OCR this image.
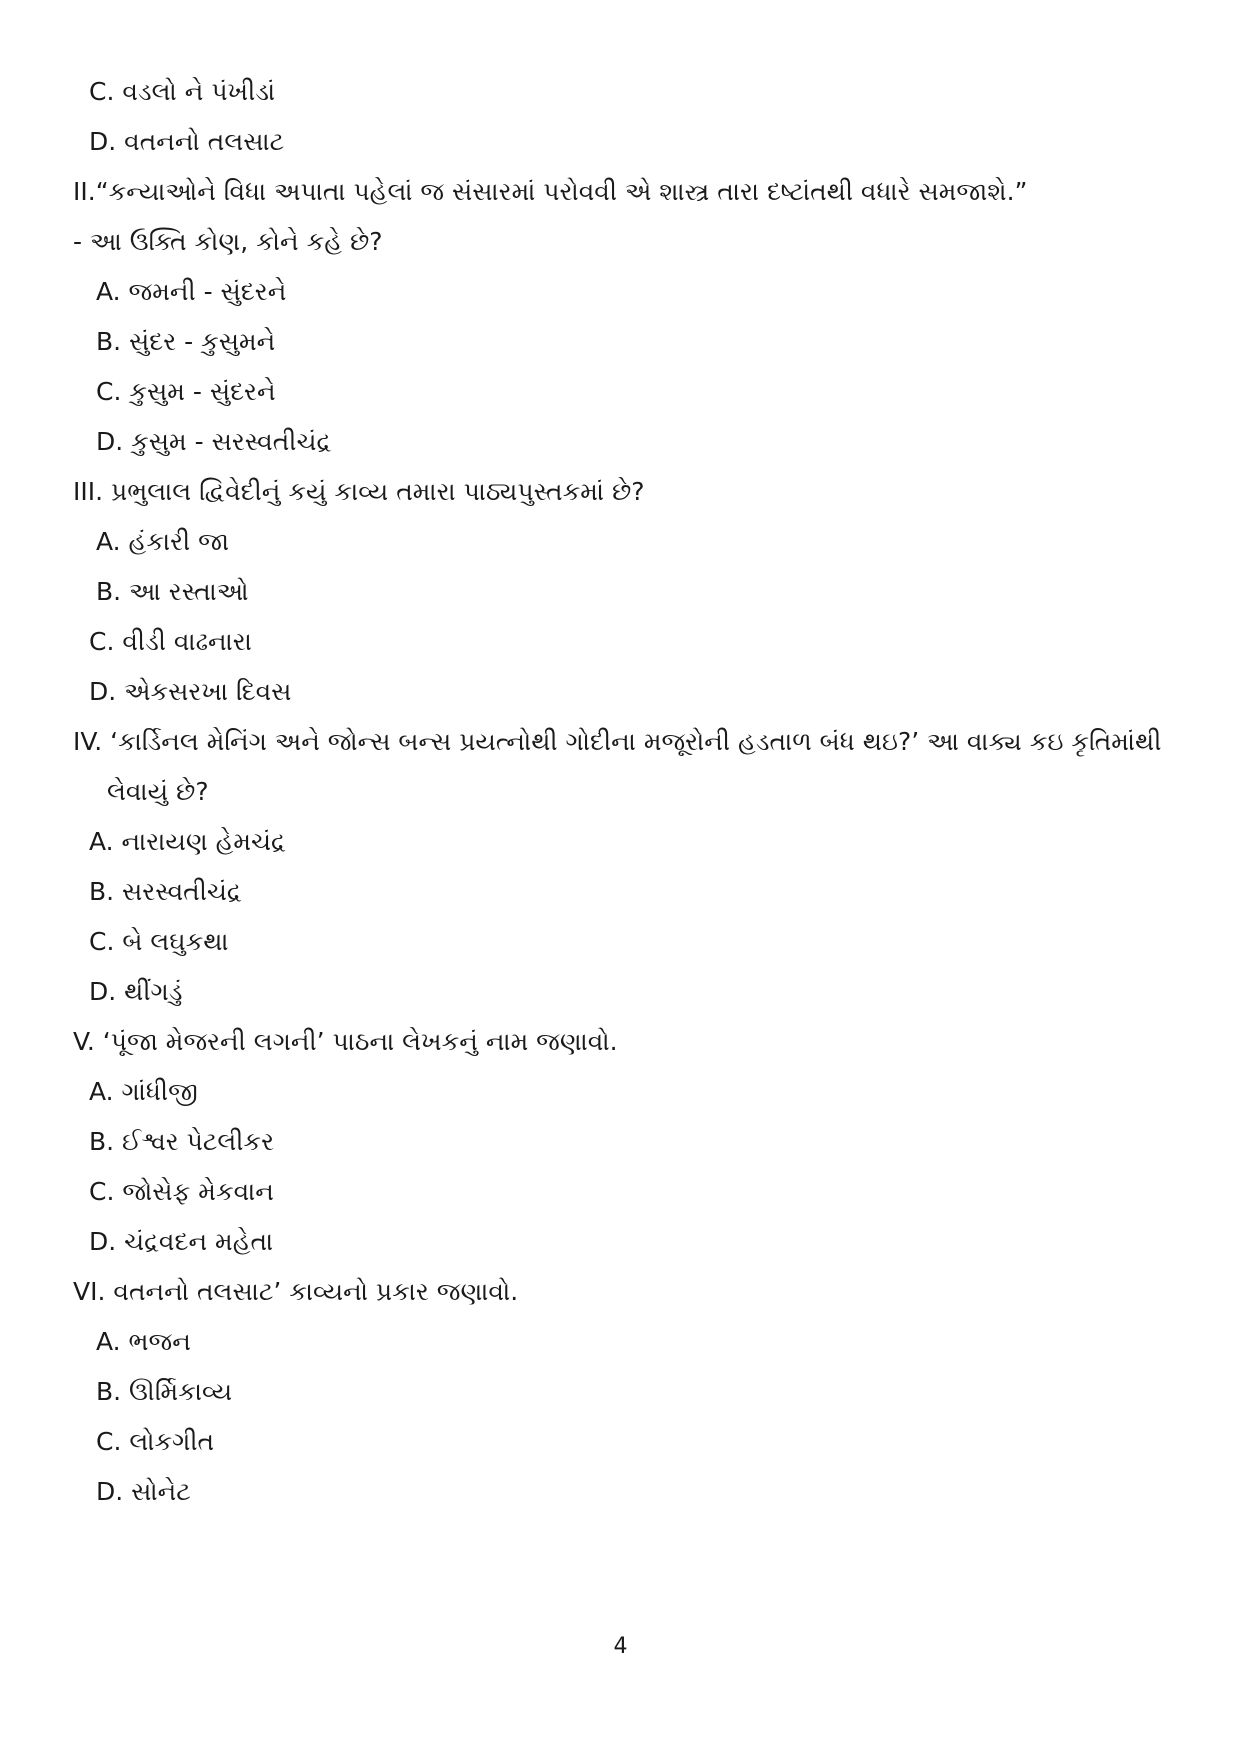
C. વડલો ને પંખીડાં
D. વતનનો તલસાટ
II.“કન્યાઓને વિધા અપાતા પહેલાં જ સંસારમાં પરોવવી એ શાસ્ત્ર તારા દષ્ટાંતથી વધારે સમજાશે.”
- આ ઉક્તિ કોણ, કોને કહે છે?
A. જમની - સુંદરને
B. સુંદર - કુસુમને
C. કુસુમ - સુંદરને
D. કુસુમ - સરસ્વતીચંદ્ર
III. પ્રભુલાલ દ્વિવેદીનું કયું કાવ્ય તમારા પાઠ્યપુસ્તકમાં છે?
A. હંકારી જા
B. આ રસ્તાઓ
C. વીડી વાઢનારા
D. એકસરખા દિવસ
IV. ‘કાર્ડિનલ મેનિંગ અને જોન્સ બન્સ પ્રયત્નોથી ગોદીના મજૂરોની હડતાળ બંધ થઇ?’ આ વાક્ય કઇ કૃતિમાંથી
લેવાયું છે?
A. નારાયણ હેમચંદ્ર
B. સરસ્વતીચંદ્ર
C. બે લઘુકથા
D. થીંગડું
V. ‘પૂંજા મેજરની લગની’ પાઠના લેખકનું નામ જણાવો.
A. ગાંધીજી
B. ઈશ્વર પેટલીકર
C. જોસેફ મેકવાન
D. ચંદ્રવદન મહેતા
VI. વતનનો તલસાટ’ કાવ્યનો પ્રકાર જણાવો.
A. ભજન
B. ઊર્મિકાવ્ય
C. લોકગીત
D. સોનેટ
4
